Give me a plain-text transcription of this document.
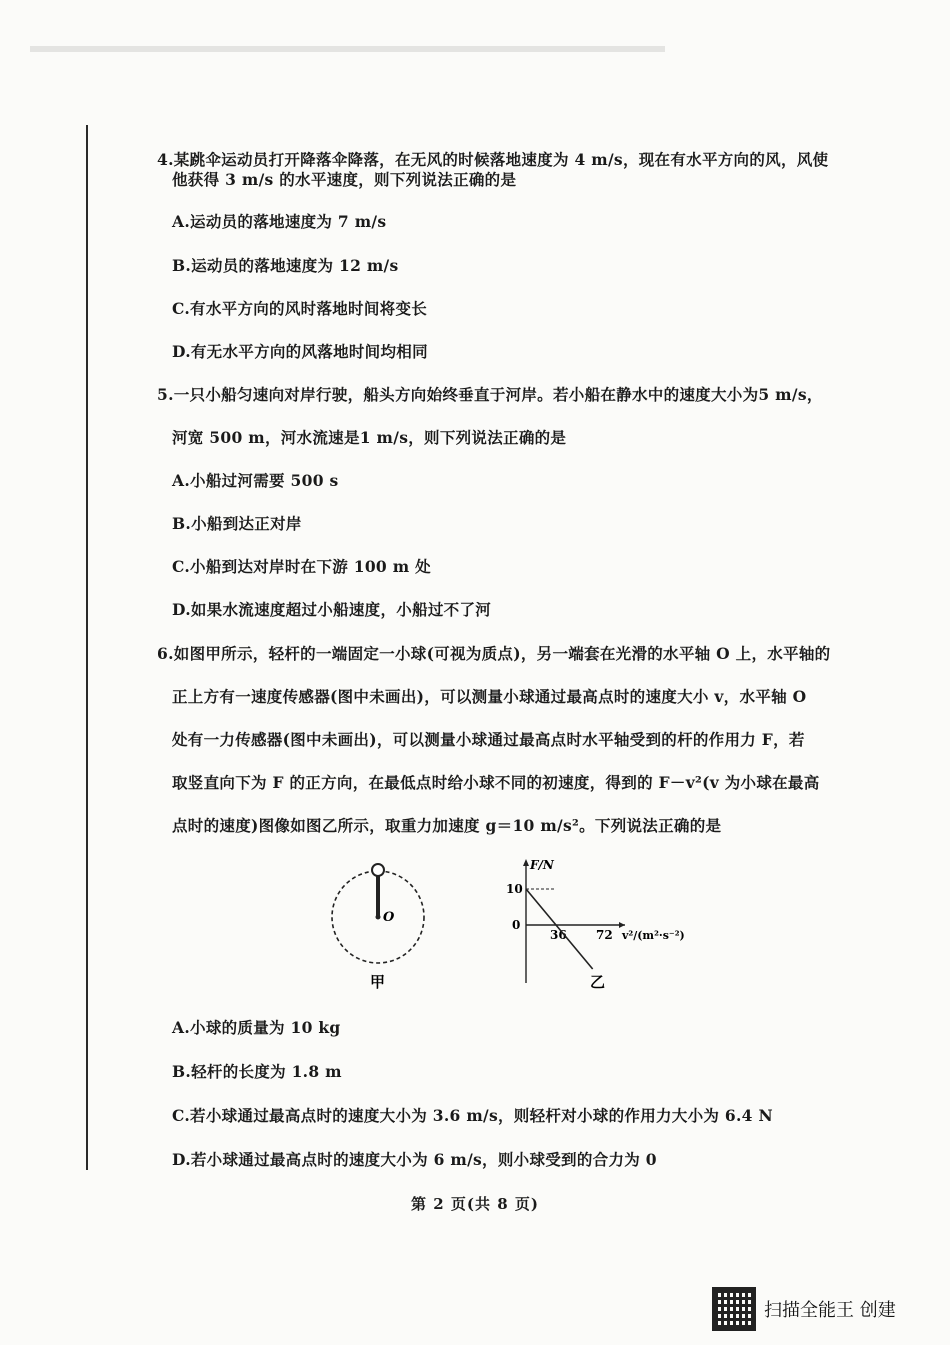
4.某跳伞运动员打开降落伞降落，在无风的时候落地速度为 4 m/s，现在有水平方向的风，风使
他获得 3 m/s 的水平速度，则下列说法正确的是
A.运动员的落地速度为 7 m/s
B.运动员的落地速度为 12 m/s
C.有水平方向的风时落地时间将变长
D.有无水平方向的风落地时间均相同
5.一只小船匀速向对岸行驶，船头方向始终垂直于河岸。若小船在静水中的速度大小为5 m/s，
河宽 500 m，河水流速是1 m/s，则下列说法正确的是
A.小船过河需要 500 s
B.小船到达正对岸
C.小船到达对岸时在下游 100 m 处
D.如果水流速度超过小船速度，小船过不了河
6.如图甲所示，轻杆的一端固定一小球(可视为质点)，另一端套在光滑的水平轴 O 上，水平轴的
正上方有一速度传感器(图中未画出)，可以测量小球通过最高点时的速度大小 v，水平轴 O
处有一力传感器(图中未画出)，可以测量小球通过最高点时水平轴受到的杆的作用力 F，若
取竖直向下为 F 的正方向，在最低点时给小球不同的初速度，得到的 F－v²(v 为小球在最高
点时的速度)图像如图乙所示，取重力加速度 g＝10 m/s²。下列说法正确的是
O
甲
F/N
10
0
36 72 v²/(m²·s⁻²)
乙
A.小球的质量为 10 kg
B.轻杆的长度为 1.8 m
C.若小球通过最高点时的速度大小为 3.6 m/s，则轻杆对小球的作用力大小为 6.4 N
D.若小球通过最高点时的速度大小为 6 m/s，则小球受到的合力为 0
第 2 页(共 8 页)
扫描全能王 创建
